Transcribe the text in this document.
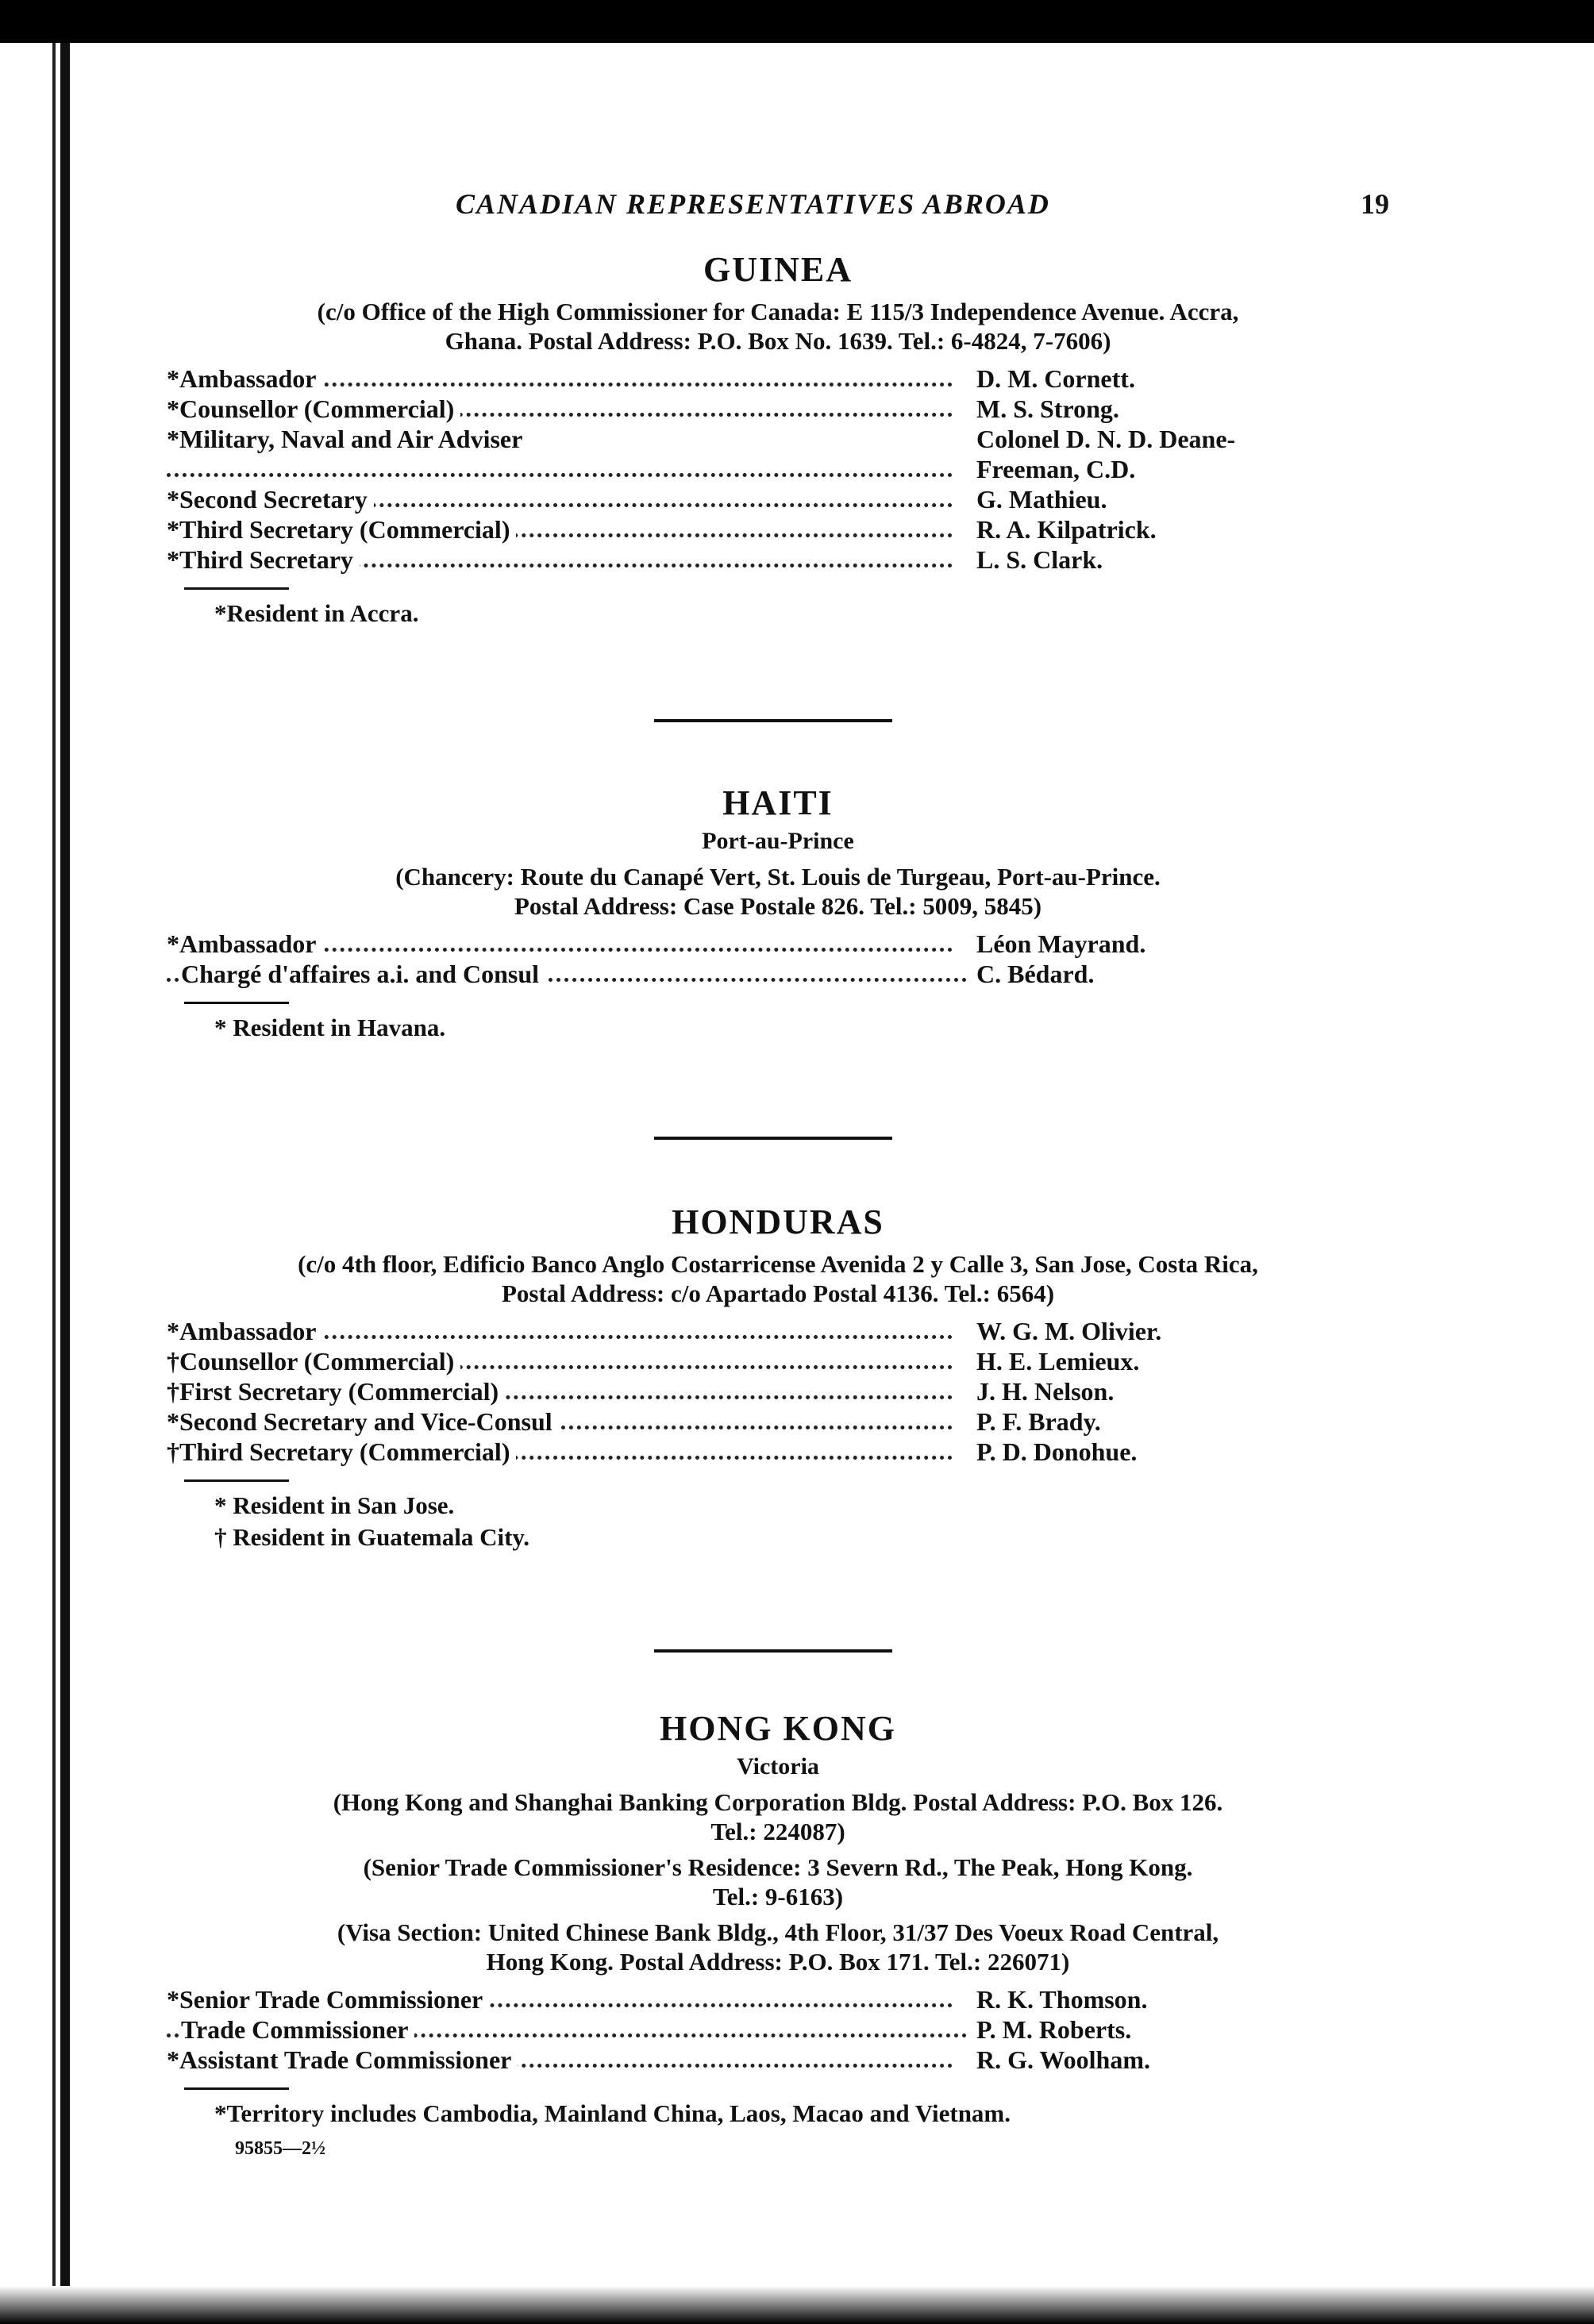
CANADIAN REPRESENTATIVES ABROAD	19
GUINEA
(c/o Office of the High Commissioner for Canada: E 115/3 Independence Avenue. Accra,
Ghana. Postal Address: P.O. Box No. 1639. Tel.: 6-4824, 7-7606)
*Ambassador	D. M. Cornett.
*Counsellor (Commercial)	M. S. Strong.
*Military, Naval and Air Adviser	Colonel D. N. D. Deane-Freeman, C.D.
*Second Secretary	G. Mathieu.
*Third Secretary (Commercial)	R. A. Kilpatrick.
*Third Secretary	L. S. Clark.
*Resident in Accra.
HAITI
Port-au-Prince
(Chancery: Route du Canapé Vert, St. Louis de Turgeau, Port-au-Prince.
Postal Address: Case Postale 826. Tel.: 5009, 5845)
*Ambassador	Léon Mayrand.
Chargé d'affaires a.i. and Consul	C. Bédard.
* Resident in Havana.
HONDURAS
(c/o 4th floor, Edificio Banco Anglo Costarricense Avenida 2 y Calle 3, San Jose, Costa Rica,
Postal Address: c/o Apartado Postal 4136. Tel.: 6564)
*Ambassador	W. G. M. Olivier.
†Counsellor (Commercial)	H. E. Lemieux.
†First Secretary (Commercial)	J. H. Nelson.
*Second Secretary and Vice-Consul	P. F. Brady.
†Third Secretary (Commercial)	P. D. Donohue.
* Resident in San Jose.
† Resident in Guatemala City.
HONG KONG
Victoria
(Hong Kong and Shanghai Banking Corporation Bldg. Postal Address: P.O. Box 126.
Tel.: 224087)
(Senior Trade Commissioner's Residence: 3 Severn Rd., The Peak, Hong Kong.
Tel.: 9-6163)
(Visa Section: United Chinese Bank Bldg., 4th Floor, 31/37 Des Voeux Road Central,
Hong Kong. Postal Address: P.O. Box 171. Tel.: 226071)
*Senior Trade Commissioner	R. K. Thomson.
Trade Commissioner	P. M. Roberts.
*Assistant Trade Commissioner	R. G. Woolham.
*Territory includes Cambodia, Mainland China, Laos, Macao and Vietnam.
95855—2½
